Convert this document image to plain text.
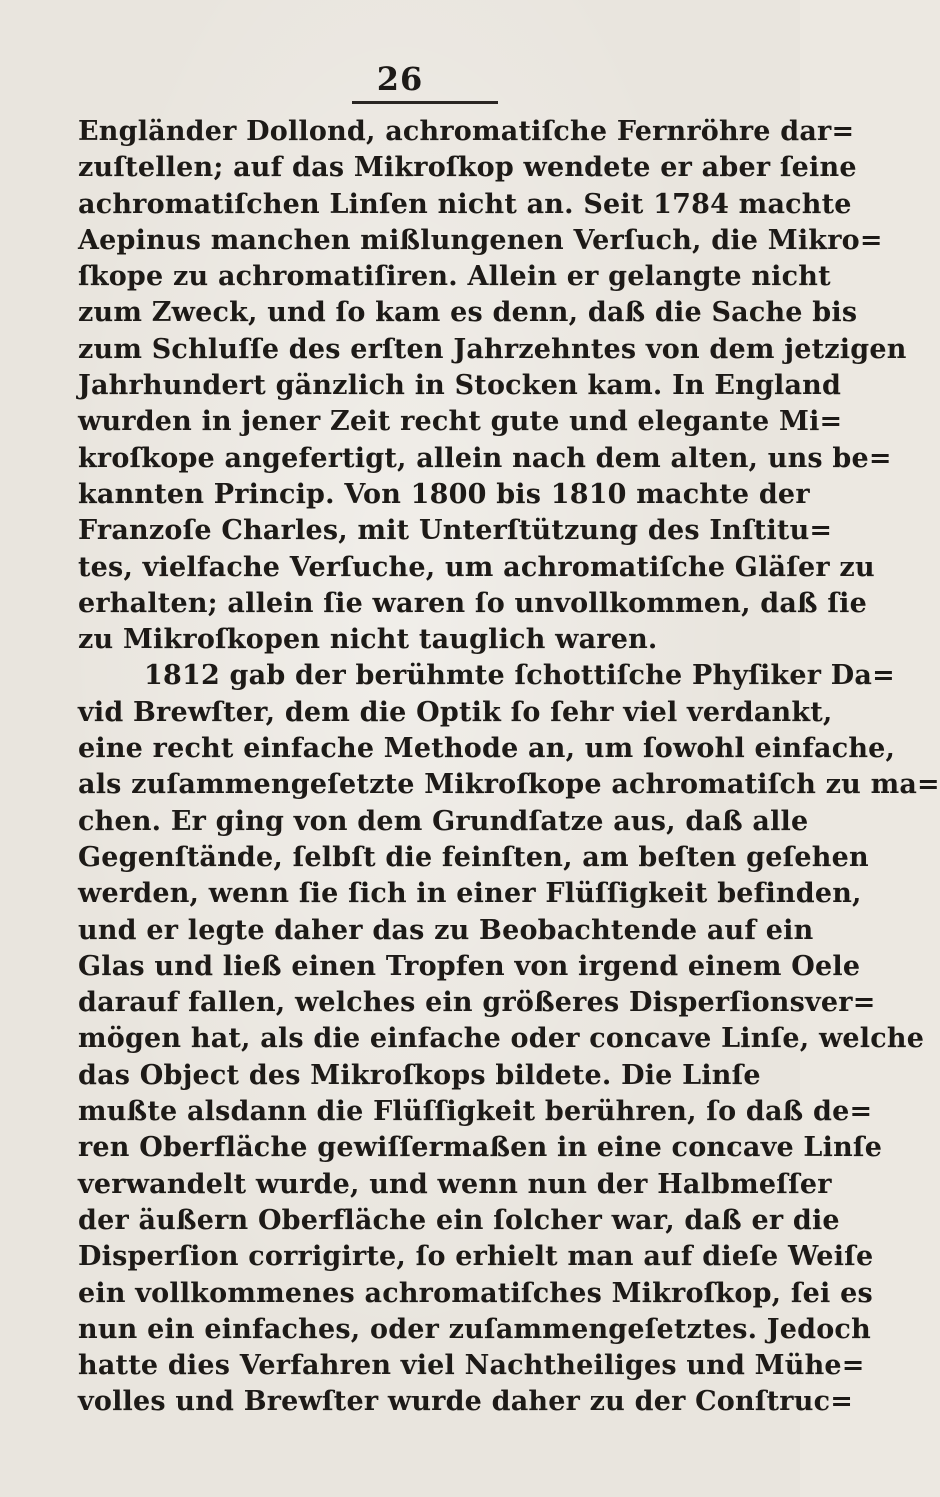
26
Engländer Dollond, achromatiſche Fernröhre dar=
zuſtellen; auf das Mikroſkop wendete er aber ſeine
achromatiſchen Linſen nicht an. Seit 1784 machte
Aepinus manchen mißlungenen Verſuch, die Mikro=
ſkope zu achromatiſiren. Allein er gelangte nicht
zum Zweck, und ſo kam es denn, daß die Sache bis
zum Schluſſe des erſten Jahrzehntes von dem jetzigen
Jahrhundert gänzlich in Stocken kam. In England
wurden in jener Zeit recht gute und elegante Mi=
kroſkope angefertigt, allein nach dem alten, uns be=
kannten Princip. Von 1800 bis 1810 machte der
Franzoſe Charles, mit Unterſtützung des Inſtitu=
tes, vielfache Verſuche, um achromatiſche Gläſer zu
erhalten; allein ſie waren ſo unvollkommen, daß ſie
zu Mikroſkopen nicht tauglich waren.
1812 gab der berühmte ſchottiſche Phyſiker Da=
vid Brewſter, dem die Optik ſo ſehr viel verdankt,
eine recht einfache Methode an, um ſowohl einfache,
als zuſammengeſetzte Mikroſkope achromatiſch zu ma=
chen. Er ging von dem Grundſatze aus, daß alle
Gegenſtände, ſelbſt die feinſten, am beſten geſehen
werden, wenn ſie ſich in einer Flüſſigkeit befinden,
und er legte daher das zu Beobachtende auf ein
Glas und ließ einen Tropfen von irgend einem Oele
darauf fallen, welches ein größeres Disperſionsver=
mögen hat, als die einfache oder concave Linſe, welche
das Object des Mikroſkops bildete. Die Linſe
mußte alsdann die Flüſſigkeit berühren, ſo daß de=
ren Oberfläche gewiſſermaßen in eine concave Linſe
verwandelt wurde, und wenn nun der Halbmeſſer
der äußern Oberfläche ein ſolcher war, daß er die
Disperſion corrigirte, ſo erhielt man auf dieſe Weiſe
ein vollkommenes achromatiſches Mikroſkop, ſei es
nun ein einfaches, oder zuſammengeſetztes. Jedoch
hatte dies Verfahren viel Nachtheiliges und Mühe=
volles und Brewſter wurde daher zu der Conſtruc=
